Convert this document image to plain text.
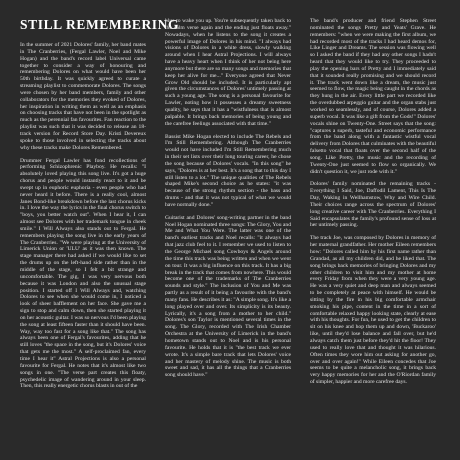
STILL REMEMBERING

In the summer of 2021 Dolores' family, her band mates in The Cranberries, (Fergal Lawler, Noel and Mike Hogan) and the band's record label Universal came together to consider a way of honouring and remembering Dolores on what would have been her 50th birthday. It was quickly agreed to curate a streaming playlist to commemorate Dolores. The songs were chosen by her band members, family and other collaborators for the memories they evoked of Dolores, her inspiration in writing them as well as an emphasis on choosing tracks that have not been in the spotlight as much as the perennial fan favourites. Fan reaction to the playlist was such that it was decided to release an 18-track version for Record Store Day. Kristi Devereux spoke to those involved in selecting the tracks about why these tracks make Dolores Remembered.

Drummer Fergal Lawler has fond recollections of performing Schizophrenic Playboy. He recalls: "I absolutely loved playing this song live. It's got a huge chorus and people would instantly react to it and be swept up in euphoric euphoria - even people who had never heard it before. There is a really cool, almost Janes Bond-like breakdown before the last chorus kicks in. I love the way the lyrics in the final chorus switch to "boys, you better watch out". When I hear it, I can almost see Dolores with her trademark tongue in cheek smile." I Will Always also stands out to Fergal. He remembers playing the song live in the early years of The Cranberries. "We were playing at the University of Limerick Union or 'ULU' as it was then known. The stage manager there had asked if we would like to set the drums up on the left-hand side rather than in the middle of the stage, so I felt a bit strange and uncomfortable. The gig, I was very nervous both because it was London and also the unusual stage position. I started off I Will Always and, watching Dolores to see when she would come in, I noticed a look of sheer bafflement on her face. She gave me a sign to stop and calm down, then she started playing it on her acoustic guitar. I was so nervous I'd been playing the song at least fifteen faster than it should have been. Way, way too fast for a song like that." The song has always been one of Fergal's favourites, adding that he still loves "the space in the song, but it's Dolores' voice that gets me the most." A self-proclaimed fan, every time I hear it" Astral Projections is also a personal favourite for Fergal. He notes that it's almost like two songs in one. "The verse part creates this floaty, psychedelic image of wandering around in your sleep. Then, this really energetic chorus blasts in out of the

blue to wake you up. You're subsequently taken back to the calm verse again and the ending just floats away." Nowadays, when he listens to the song it creates a powerful image of Dolores in his mind. "I always had visions of Dolores in a white dress, slowly walking around when I hear Astral Projections. I will always have a heavy heart when I think of her not being here anymore but there are so many songs and memories that keep her alive for me..." Everyone agreed that Never Grow Old should be included. It is particularly apt given the circumstances of Dolores' untimely passing at such a young age. The song is a personal favourite for Lawler, noting how it possesses a dreamy sweetness quality, he says that it has a "wistfulness that is almost palpable. It brings back memories of being young and the carefree feelings associated with that time."

Bassist Mike Hogan elected to include The Rebels and I'm Still Remembering. Although The Cranberries would not have included I'm Still Remembering much in their set lists over their long touring career, he chose the song because of Dolores' vocals. "In this song" he says, "Dolores is at her best. It's a song that to this day I still listen to a lot." The unique qualities of The Rebels shaped Mike's second choice as he states: "it was because of the strong rhythm section - the bass and drums - and that it was not typical of what we would have normally done."

Guitarist and Dolores' song-writing partner in the band Noel Hogan nominated three songs: The Glory, You and Me and What You Were. The latter was one of the band's earliest tracks and Noel recalls: "it always had that jazz club feel to it. I remember we used to listen to the George Michael song Cowboys & Angels around the time this track was being written and when we went on tour. It was a big influence on this track. It has a big break in the track that comes from nowhere. This would become one of the trademarks of The Cranberries sounds and style." The inclusion of You and Me was partly as a result of it being a favourite with the band's many fans. He describes it as: "A simple song. It's like a long played over and over. Its simplicity is its beauty. Lyrically, it's a song from a mother to her child." Dolores's son Taylor is mentioned several times in the song. The Glory, recorded with The Irish Chamber Orchestra at the University of Limerick in the band's hometown stands out to Noel and is his personal favourite. He holds that it is "the best track we ever wrote. It's a simple bare track that lets Dolores' voice and her mastery of melody shine. The music is both sweet and sad, it has all the things that a Cranberries song should have."

The band's producer and friend Stephen Street nominated the songs Pretty and Yeats' Grave. He remembers: "when we were making the first album, we had recorded most of the tracks I had heard demos for, Like Linger and Dreams. The session was flowing well so I asked the band if they had any other songs I hadn't heard that they would like to try. They proceeded to play the opening bars of Pretty and I immediately said that it sounded really promising and we should record it. The track went down like a dream, the music just seemed to flow, the magic being caught in the chords as they hung in the air. Every little part we recorded like the overdubbed arpeggio guitar and the organ stabs just worked so seamlessly, and of course, Dolores added a superb vocal. It was like a gift from the Gods!" Dolores' vocals shine on Twenty-One. Street says that the song: "captures a superb, tasteful and economic performance from the band along with a fantastic wistful vocal delivery from Dolores that culminates with the beautiful falsetto vocal that floats over the second half of the song. Like Pretty, the music and the recording of Twenty-One just seemed to flow so organically. We didn't question it, we just rode with it."

Dolores' family nominated the remaining tracks - Everything I Said, Joe, Daffodil Lament, This Is The Day, Waking in Wellhamstow, Why and Wire Child. Their choices range across the spectrum of Dolores' long creative career with The Cranberries. Everything I Said encapsulates the family's profound sense of loss at her untimely passing.

The track Joe, was composed by Dolores in memory of her maternal grandfather. Her mother Eileen remembers how: "Dolores called him by his first name rather than Grandad, as all my children did, and he liked that. The song brings back memories of bringing Dolores and my other children to visit him and my mother at home every Friday from when they were a very young age. He was a very quiet and deep man and always seemed to be completely at peace with himself. He would be sitting by the fire in his big comfortable armchair smoking his pipe, content in the time in a sort of comfortable relaxed happy looking state, clearly at ease with his thoughts. For fun, he used to get the children to sit on his knee and hop them up and down, 'Buckaroo' like, until they'd lose balance and fall over, but he'd always catch them just before they'd hit the floor! They used to really love that and thought it was hilarious. Often times they wore him out asking for another go, over and over again!" While Eileen concedes that Joe seems to be quite a melancholic song, it brings back very happy memories for her and the O'Riordan family of simpler, happier and more carefree days.
